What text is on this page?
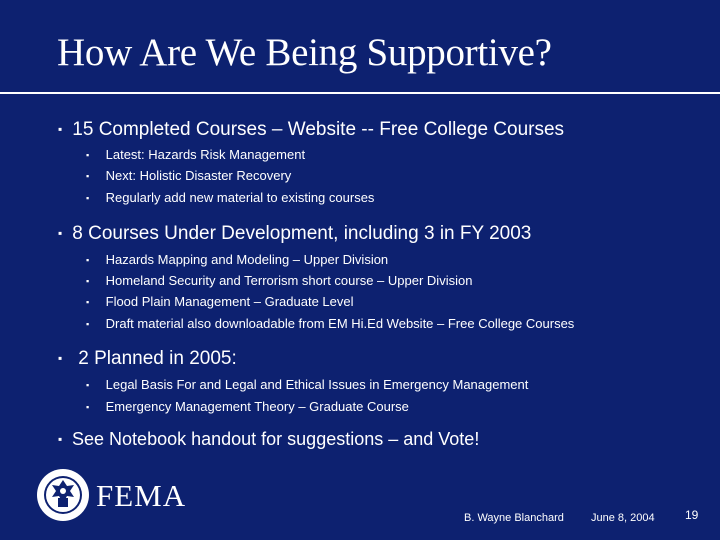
How Are We Being Supportive?
▪ 15 Completed Courses – Website -- Free College Courses
▪ Latest: Hazards Risk Management
▪ Next: Holistic Disaster Recovery
▪ Regularly add new material to existing courses
▪ 8 Courses Under Development, including 3 in FY 2003
▪ Hazards Mapping and Modeling – Upper Division
▪ Homeland Security and Terrorism short course – Upper Division
▪ Flood Plain Management – Graduate Level
▪ Draft material also downloadable from EM Hi.Ed Website – Free College Courses
▪ 2 Planned in 2005:
▪ Legal Basis For and Legal and Ethical Issues in Emergency Management
▪ Emergency Management Theory – Graduate Course
▪ See Notebook handout for suggestions – and Vote!
FEMA
B. Wayne Blanchard June 8, 2004	19
